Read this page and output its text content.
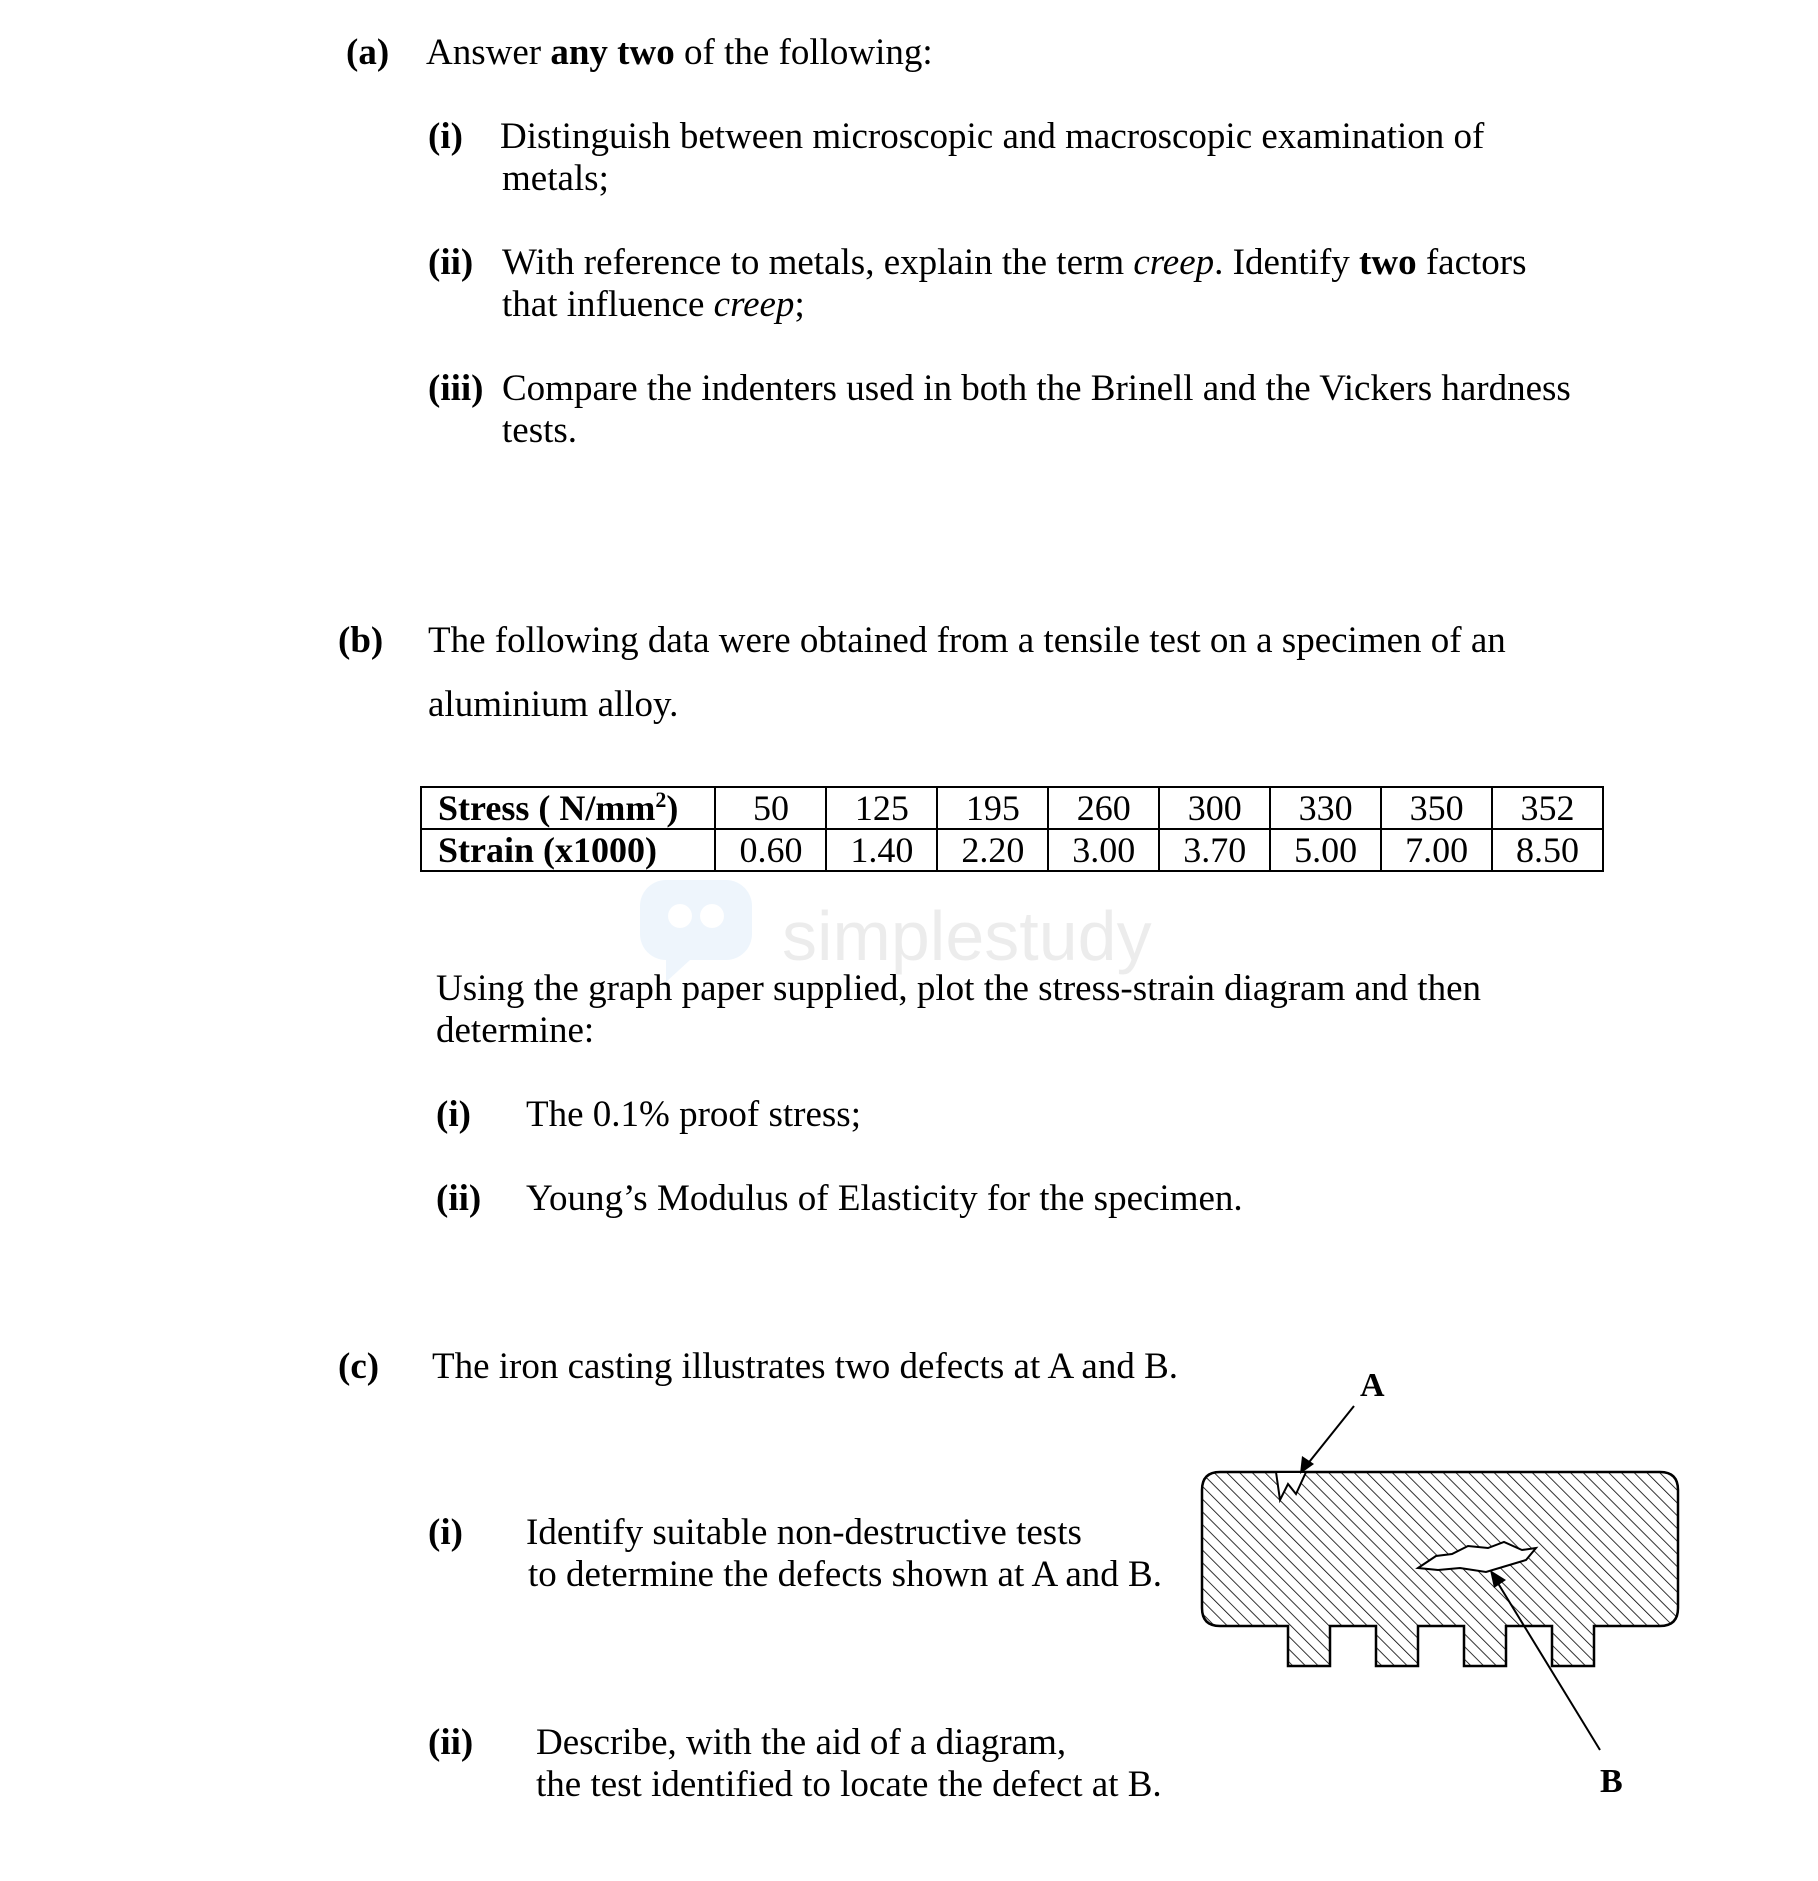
(a) Answer any two of the following:
(i) Distinguish between microscopic and macroscopic examination of
metals;
(ii) With reference to metals, explain the term creep. Identify two factors
that influence creep;
(iii) Compare the indenters used in both the Brinell and the Vickers hardness
tests.
(b) The following data were obtained from a tensile test on a specimen of an
aluminium alloy.
Stress ( $N/mm^2$)	50	125	195	260	300	330	350	352
Strain (x1000)	0.60	1.40	2.20	3.00	3.70	5.00	7.00	8.50
simplestudy
Using the graph paper supplied, plot the stress-strain diagram and then
determine:
(i) The 0.1% proof stress;
(ii) Young’s Modulus of Elasticity for the specimen.
(c) The iron casting illustrates two defects at A and B.
(i) Identify suitable non-destructive tests
to determine the defects shown at A and B.
(ii) Describe, with the aid of a diagram,
the test identified to locate the defect at B.
A
B
